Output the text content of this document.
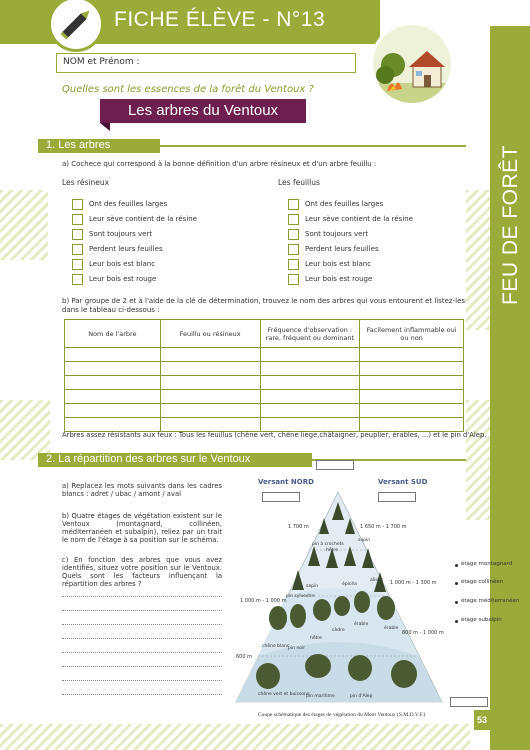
FICHE ÉLÈVE - N°13
FEU DE FORÊT
NOM et Prénom :
Quelles sont les essences de la forêt du Ventoux ?
Les arbres du Ventoux
1. Les arbres
a) Cochece qui correspond à la bonne définition d'un arbre résineux et d'un arbre feuillu :
Les résineux	Les feuillus
Ont des feuilles larges
Leur sève contient de la résine
Sont toujours vert
Perdent leurs feuilles
Leur bois est blanc
Leur bois est rouge
Ont des feuilles larges
Leur sève contient de la résine
Sont toujours vert
Perdent leurs feuilles
Leur bois est blanc
Leur bois est rouge
b) Par groupe de 2 et à l'aide de la clé de détermination, trouvez le nom des arbres qui vous entourent et listez-les dans le tableau ci-dessous :
Nom de l'arbre	Feuillu ou résineux	Fréquence d'observation : rare, fréquent ou dominant	Facilement inflammable oui ou non

Arbres assez résistants aux feux : Tous les feuillus (chêne vert, chêne liège,châtaigner, peuplier, érables, ...) et le pin d'Alep.
2. La répartition des arbres sur le Ventoux
a) Replacez les mots suivants dans les cadres blancs : adret / ubac / amont / aval
b) Quatre étages de végétation existent sur le Ventoux (montagnard, collinéen, méditerranéen et subalpin), reliez par un trait le nom de l'étage à sa position sur le schéma.
c) En fonction des arbres que vous avez identifiés, situez votre position sur le Ventoux. Quels sont les facteurs influençant la répartition des arbres ?
Versant NORD	Versant SUD
1 700 m	1 650 m - 1 700 m
1 000 m - 1 300 m
1 000 m - 1 000 m
800 m - 1 000 m
600 m
pin à crochets
hêtre
sapin
pin sylvestre
épicéa
alisier
érable
chêne blanc
pin noir
chêne vert et buissons
pin maritime	pin d'Alep
érable
cèdre
hêtre
sapin
étage montagnard
étage collinéen
étage méditerranéen
étage subalpin
Coupe schématique des étages de végétation du Mont Ventoux (S.M.D.V.F.)	53
